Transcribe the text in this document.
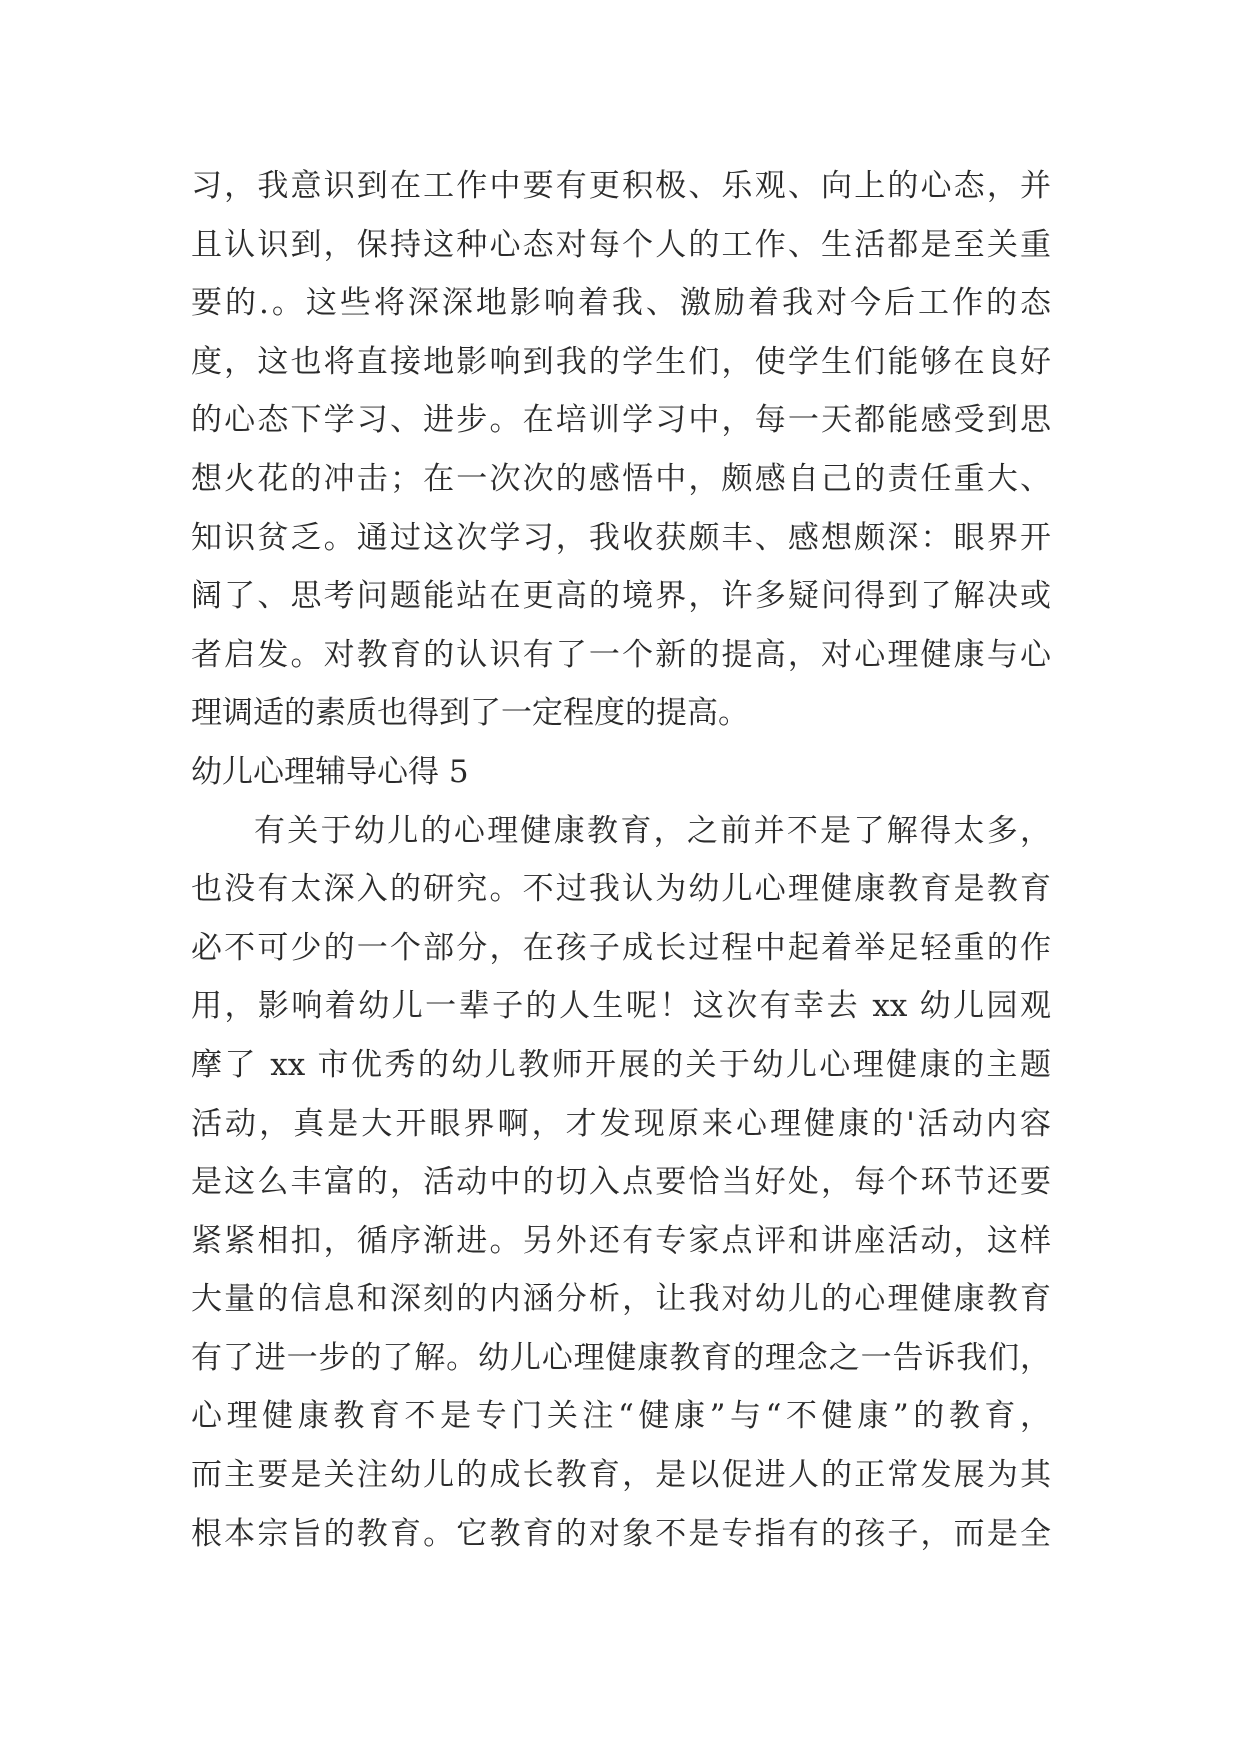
习，我意识到在工作中要有更积极、乐观、向上的心态，并
且认识到，保持这种心态对每个人的工作、生活都是至关重
要的.。这些将深深地影响着我、激励着我对今后工作的态
度，这也将直接地影响到我的学生们，使学生们能够在良好
的心态下学习、进步。在培训学习中，每一天都能感受到思
想火花的冲击；在一次次的感悟中，颇感自己的责任重大、
知识贫乏。通过这次学习，我收获颇丰、感想颇深：眼界开
阔了、思考问题能站在更高的境界，许多疑问得到了解决或
者启发。对教育的认识有了一个新的提高，对心理健康与心
理调适的素质也得到了一定程度的提高。
幼儿心理辅导心得 5
有关于幼儿的心理健康教育，之前并不是了解得太多，
也没有太深入的研究。不过我认为幼儿心理健康教育是教育
必不可少的一个部分，在孩子成长过程中起着举足轻重的作
用，影响着幼儿一辈子的人生呢！这次有幸去 xx 幼儿园观
摩了 xx 市优秀的幼儿教师开展的关于幼儿心理健康的主题
活动，真是大开眼界啊，才发现原来心理健康的'活动内容
是这么丰富的，活动中的切入点要恰当好处，每个环节还要
紧紧相扣，循序渐进。另外还有专家点评和讲座活动，这样
大量的信息和深刻的内涵分析，让我对幼儿的心理健康教育
有了进一步的了解。幼儿心理健康教育的理念之一告诉我们，
心理健康教育不是专门关注“健康”与“不健康”的教育，
而主要是关注幼儿的成长教育，是以促进人的正常发展为其
根本宗旨的教育。它教育的对象不是专指有的孩子，而是全
